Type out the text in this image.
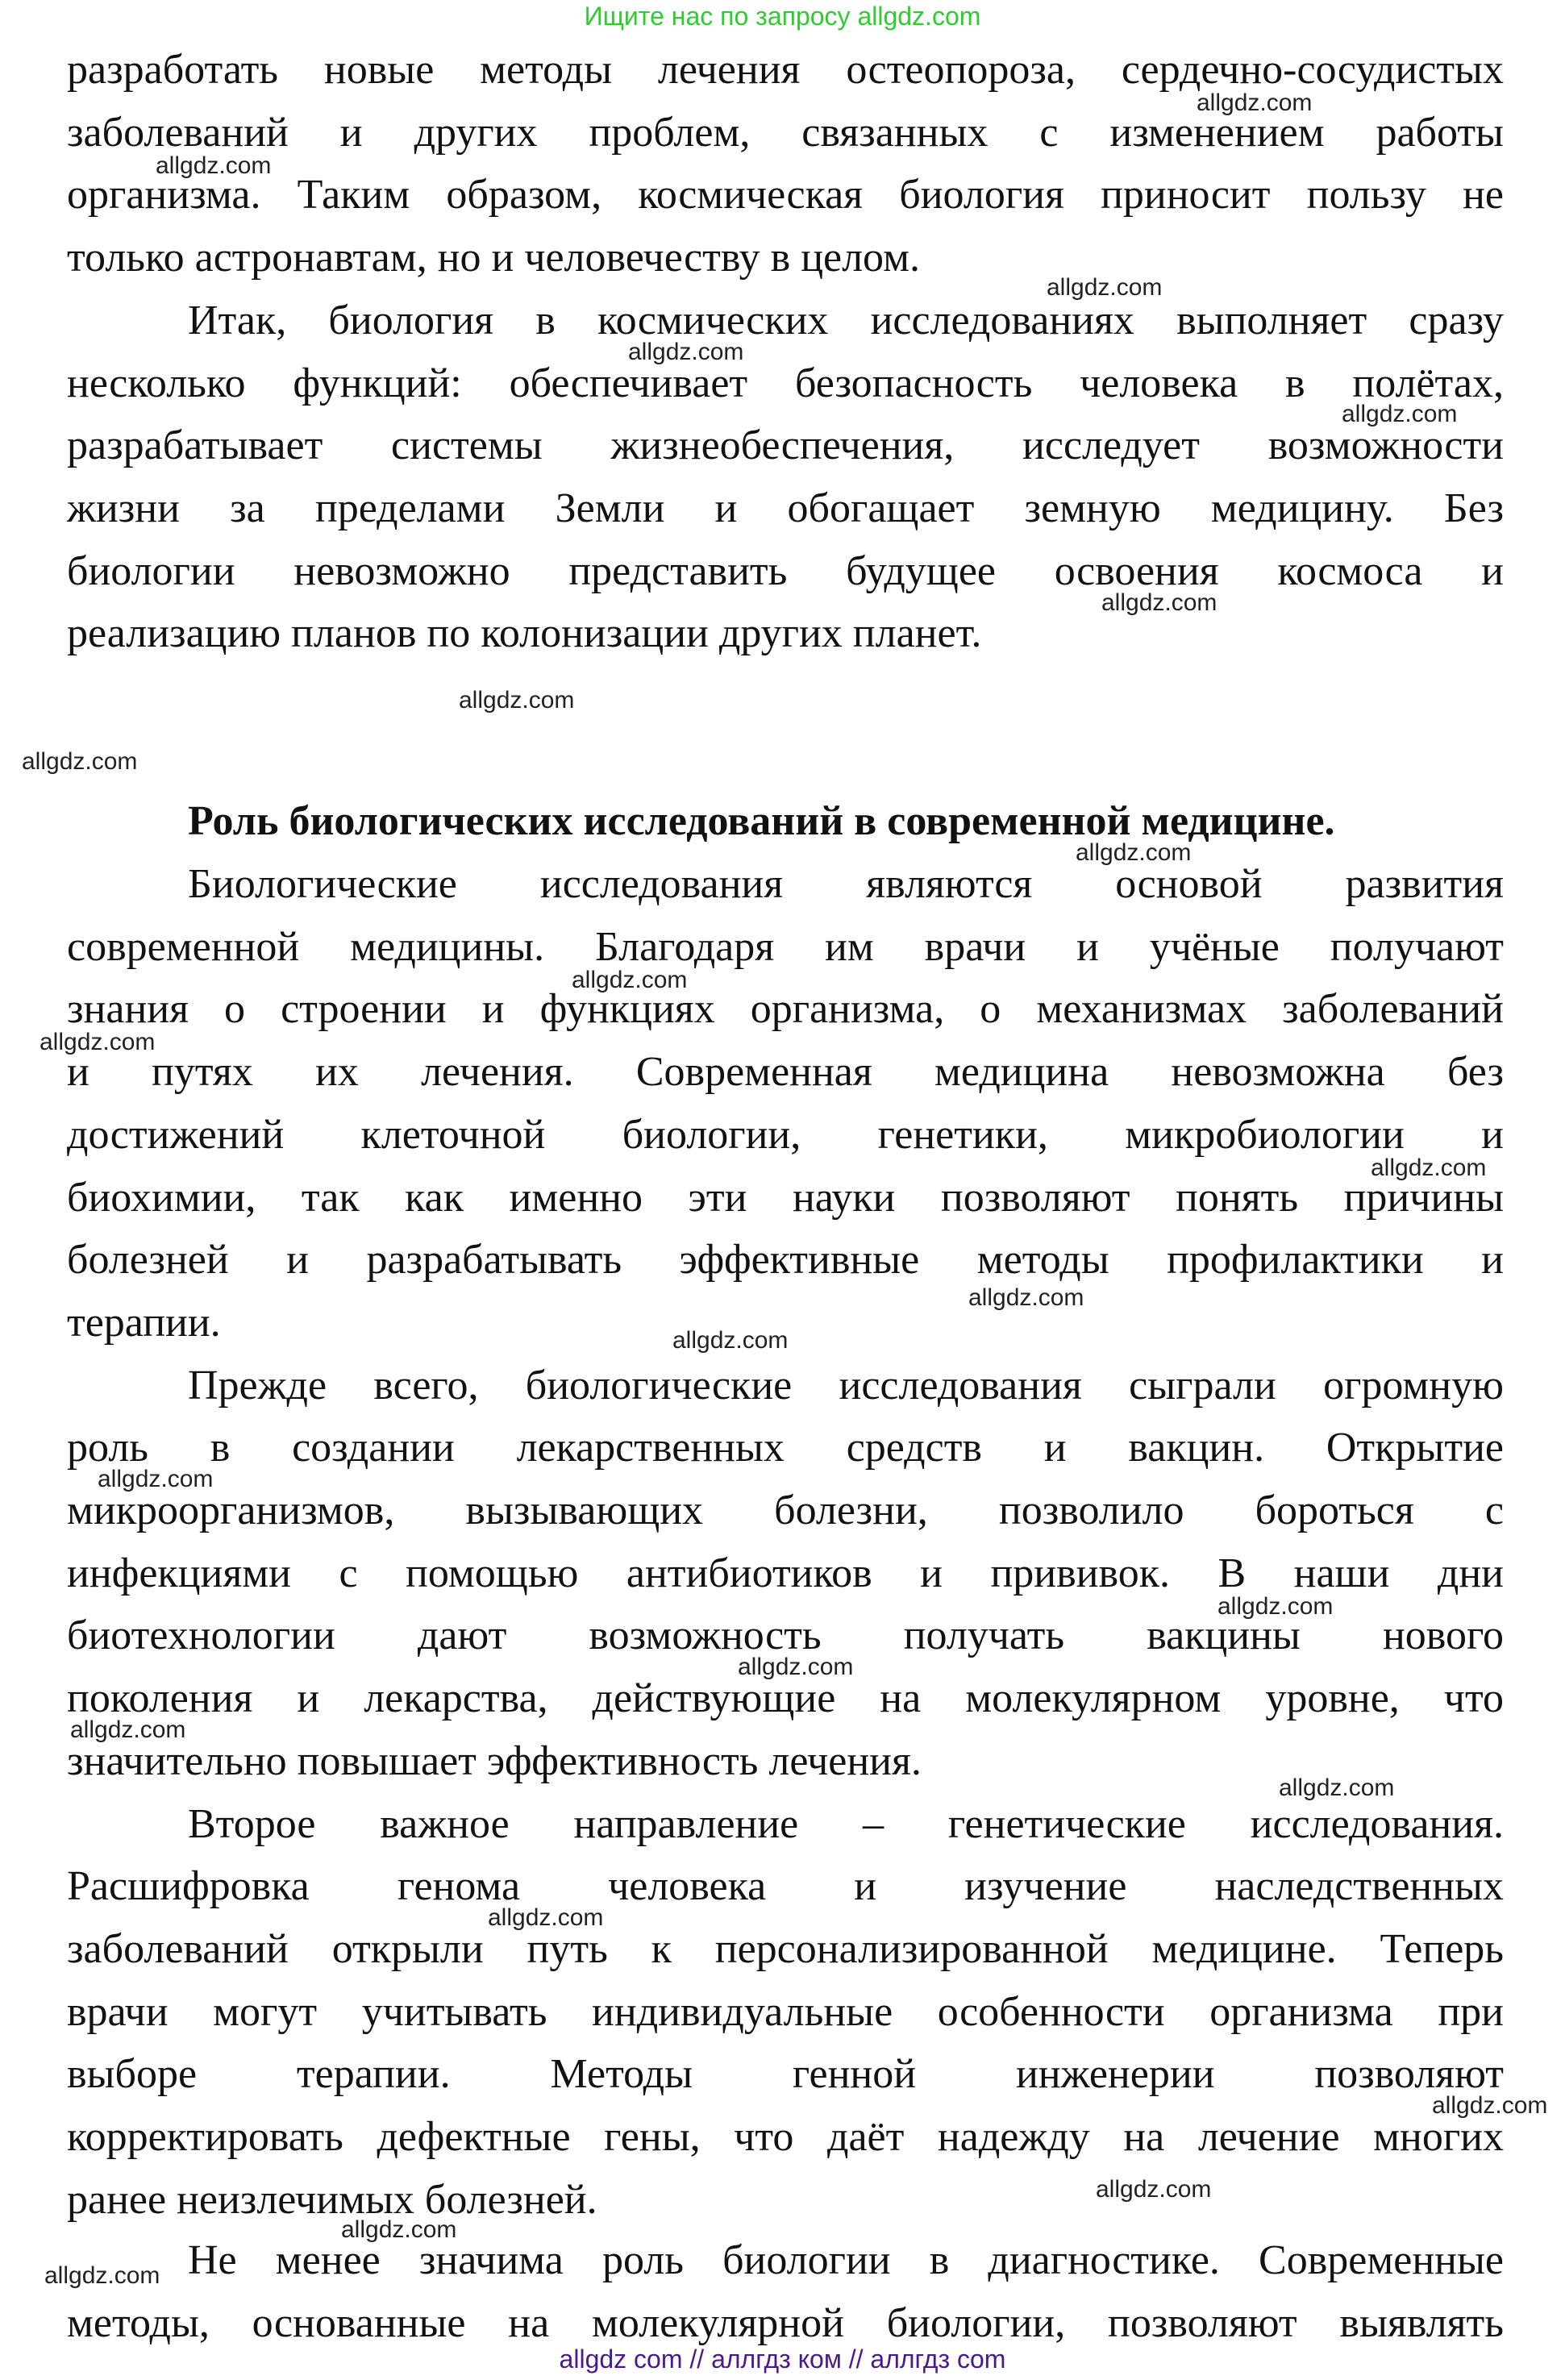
Ищите нас по запросу allgdz.com
разработать новые методы лечения остеопороза, сердечно-сосудистых
заболеваний и других проблем, связанных с изменением работы
организма. Таким образом, космическая биология приносит пользу не
только астронавтам, но и человечеству в целом.
Итак, биология в космических исследованиях выполняет сразу
несколько функций: обеспечивает безопасность человека в полётах,
разрабатывает системы жизнеобеспечения, исследует возможности
жизни за пределами Земли и обогащает земную медицину. Без
биологии невозможно представить будущее освоения космоса и
реализацию планов по колонизации других планет.
Роль биологических исследований в современной медицине.
Биологические исследования являются основой развития
современной медицины. Благодаря им врачи и учёные получают
знания о строении и функциях организма, о механизмах заболеваний
и путях их лечения. Современная медицина невозможна без
достижений клеточной биологии, генетики, микробиологии и
биохимии, так как именно эти науки позволяют понять причины
болезней и разрабатывать эффективные методы профилактики и
терапии.
Прежде всего, биологические исследования сыграли огромную
роль в создании лекарственных средств и вакцин. Открытие
микроорганизмов, вызывающих болезни, позволило бороться с
инфекциями с помощью антибиотиков и прививок. В наши дни
биотехнологии дают возможность получать вакцины нового
поколения и лекарства, действующие на молекулярном уровне, что
значительно повышает эффективность лечения.
Второе важное направление – генетические исследования.
Расшифровка генома человека и изучение наследственных
заболеваний открыли путь к персонализированной медицине. Теперь
врачи могут учитывать индивидуальные особенности организма при
выборе терапии. Методы генной инженерии позволяют
корректировать дефектные гены, что даёт надежду на лечение многих
ранее неизлечимых болезней.
Не менее значима роль биологии в диагностике. Современные
методы, основанные на молекулярной биологии, позволяют выявлять
allgdz.com
allgdz.com
allgdz.com
allgdz.com
allgdz.com
allgdz.com
allgdz.com
allgdz.com
allgdz.com
allgdz.com
allgdz.com
allgdz.com
allgdz.com
allgdz.com
allgdz.com
allgdz.com
allgdz.com
allgdz.com
allgdz.com
allgdz.com
allgdz.com
allgdz.com
allgdz.com
allgdz.com
allgdz com // аллгдз ком // аллгдз com
